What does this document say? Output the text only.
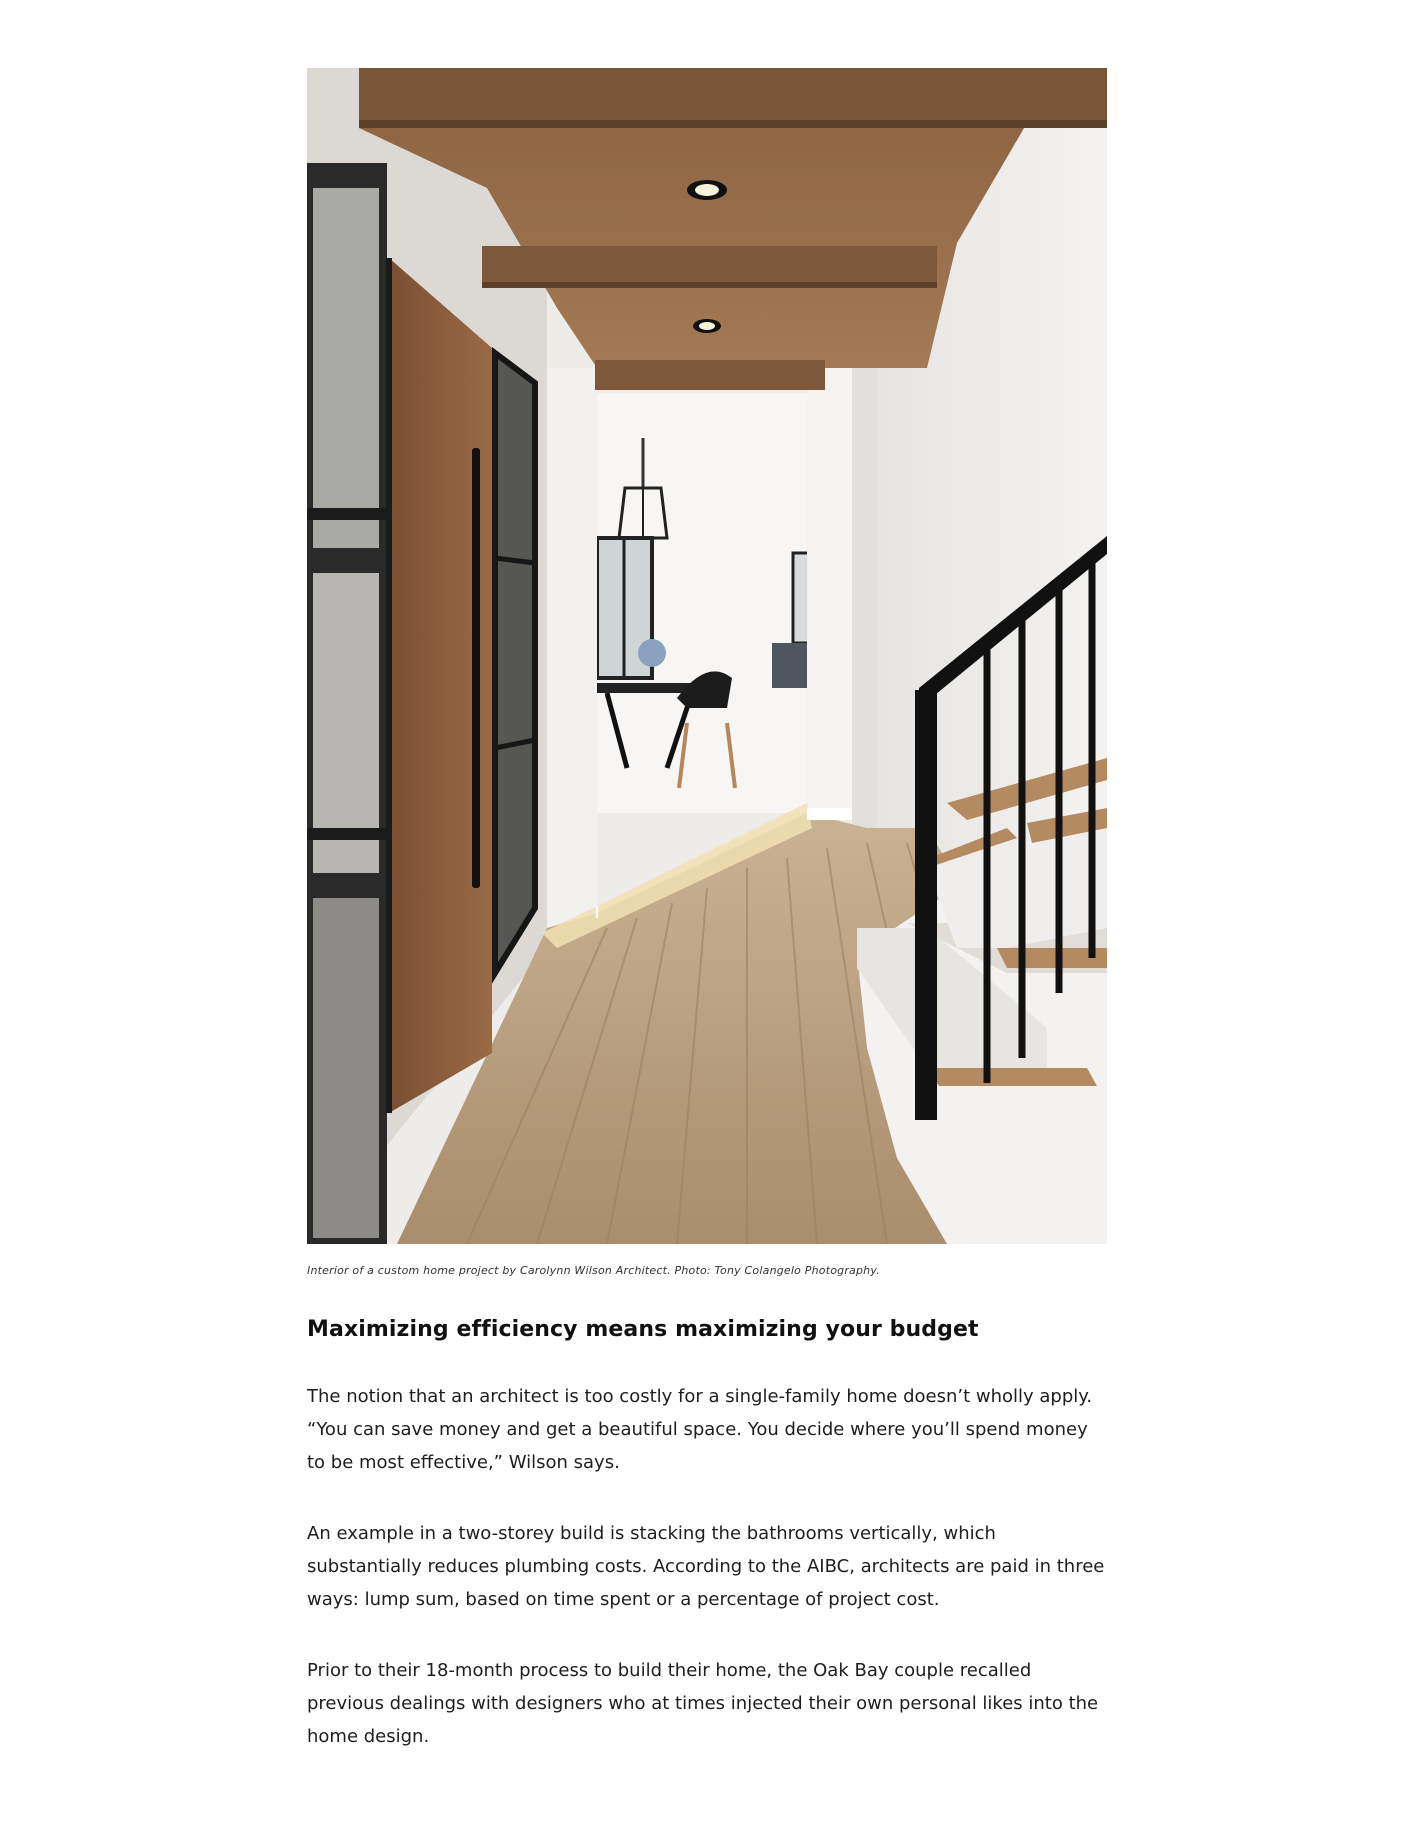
Interior of a custom home project by Carolynn Wilson Architect. Photo: Tony Colangelo Photography.
Maximizing efficiency means maximizing your budget

The notion that an architect is too costly for a single-family home doesn’t wholly apply. “You can save money and get a beautiful space. You decide where you’ll spend money to be most effective,” Wilson says.

An example in a two-storey build is stacking the bathrooms vertically, which substantially reduces plumbing costs. According to the AIBC, architects are paid in three ways: lump sum, based on time spent or a percentage of project cost.

Prior to their 18-month process to build their home, the Oak Bay couple recalled previous dealings with designers who at times injected their own personal likes into the home design.
